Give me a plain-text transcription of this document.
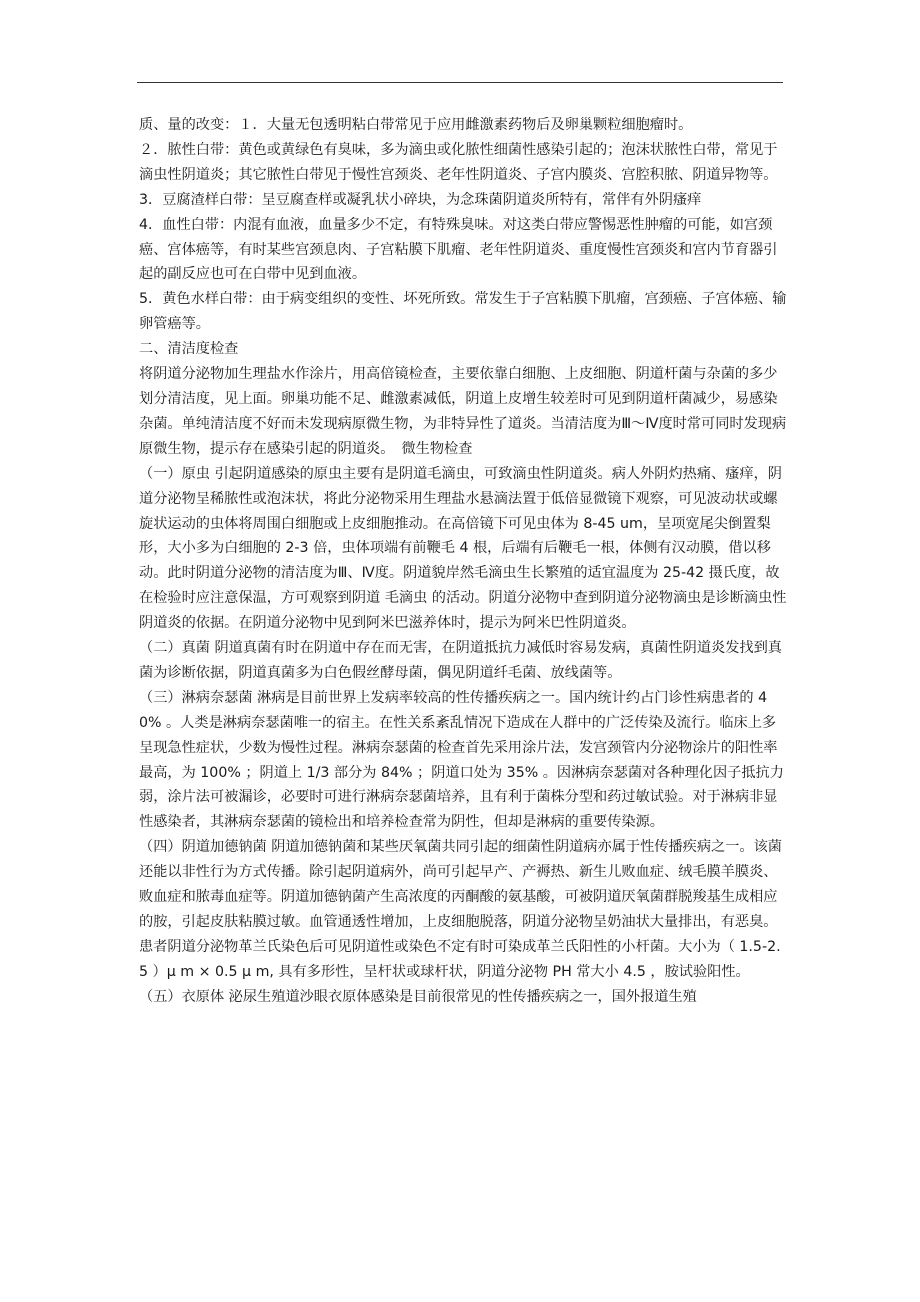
质、量的改变：１．大量无包透明粘白带常见于应用雌激素药物后及卵巢颗粒细胞瘤时。

２．脓性白带：黄色或黄绿色有臭味，多为滴虫或化脓性细菌性感染引起的；泡沫状脓性白带，常见于滴虫性阴道炎；其它脓性白带见于慢性宫颈炎、老年性阴道炎、子宫内膜炎、宫腔积脓、阴道异物等。

3．豆腐渣样白带：呈豆腐查样或凝乳状小碎块，为念珠菌阴道炎所特有，常伴有外阴瘙痒

4．血性白带：内混有血液，血量多少不定，有特殊臭味。对这类白带应警惕恶性肿瘤的可能，如宫颈癌、宫体癌等，有时某些宫颈息肉、子宫粘膜下肌瘤、老年性阴道炎、重度慢性宫颈炎和宫内节育器引起的副反应也可在白带中见到血液。

5．黄色水样白带：由于病变组织的变性、坏死所致。常发生于子宫粘膜下肌瘤，宫颈癌、子宫体癌、输卵管癌等。

二、清洁度检查

将阴道分泌物加生理盐水作涂片，用高倍镜检查，主要依靠白细胞、上皮细胞、阴道杆菌与杂菌的多少划分清洁度，见上面。卵巢功能不足、雌激素减低，阴道上皮增生较差时可见到阴道杆菌减少，易感染杂菌。单纯清洁度不好而未发现病原微生物，为非特异性了道炎。当清洁度为Ⅲ～Ⅳ度时常可同时发现病原微生物，提示存在感染引起的阴道炎。　微生物检查

（一）原虫 引起阴道感染的原虫主要有是阴道毛滴虫，可致滴虫性阴道炎。病人外阴灼热痛、瘙痒，阴道分泌物呈稀脓性或泡沫状，将此分泌物采用生理盐水悬滴法置于低倍显微镜下观察，可见波动状或螺旋状运动的虫体将周围白细胞或上皮细胞推动。在高倍镜下可见虫体为 8-45 um，呈项宽尾尖倒置梨形，大小多为白细胞的 2-3 倍，虫体项端有前鞭毛 4 根，后端有后鞭毛一根，体侧有汉动膜，借以移动。此时阴道分泌物的清洁度为Ⅲ、Ⅳ度。阴道貌岸然毛滴虫生长繁殖的适宜温度为 25-42 摄氏度，故在检验时应注意保温，方可观察到阴道 毛滴虫 的活动。阴道分泌物中查到阴道分泌物滴虫是诊断滴虫性阴道炎的依据。在阴道分泌物中见到阿米巴滋养体时，提示为阿米巴性阴道炎。

（二）真菌 阴道真菌有时在阴道中存在而无害，在阴道抵抗力减低时容易发病，真菌性阴道炎发找到真菌为诊断依据，阴道真菌多为白色假丝酵母菌，偶见阴道纤毛菌、放线菌等。

（三）淋病奈瑟菌 淋病是目前世界上发病率较高的性传播疾病之一。国内统计约占门诊性病患者的 40% 。人类是淋病奈瑟菌唯一的宿主。在性关系紊乱情况下造成在人群中的广泛传染及流行。临床上多呈现急性症状，少数为慢性过程。淋病奈瑟菌的检查首先采用涂片法，发宫颈管内分泌物涂片的阳性率最高，为 100% ；阴道上 1/3 部分为 84% ；阴道口处为 35% 。因淋病奈瑟菌对各种理化因子抵抗力弱，涂片法可被漏诊，必要时可进行淋病奈瑟菌培养，且有利于菌株分型和药过敏试验。对于淋病非显性感染者，其淋病奈瑟菌的镜检出和培养检查常为阴性，但却是淋病的重要传染源。

（四）阴道加德钠菌 阴道加德钠菌和某些厌氧菌共同引起的细菌性阴道病亦属于性传播疾病之一。该菌还能以非性行为方式传播。除引起阴道病外，尚可引起早产、产褥热、新生儿败血症、绒毛膜羊膜炎、败血症和脓毒血症等。阴道加德钠菌产生高浓度的丙酮酸的氨基酸，可被阴道厌氧菌群脱羧基生成相应的胺，引起皮肤粘膜过敏。血管通透性增加，上皮细胞脱落，阴道分泌物呈奶油状大量排出，有恶臭。患者阴道分泌物革兰氏染色后可见阴道性或染色不定有时可染成革兰氏阳性的小杆菌。大小为（ 1.5-2.5 ）μ m × 0.5 μ m, 具有多形性，呈杆状或球杆状，阴道分泌物 PH 常大小 4.5 ，胺试验阳性。

（五）衣原体 泌尿生殖道沙眼衣原体感染是目前很常见的性传播疾病之一，国外报道生殖
